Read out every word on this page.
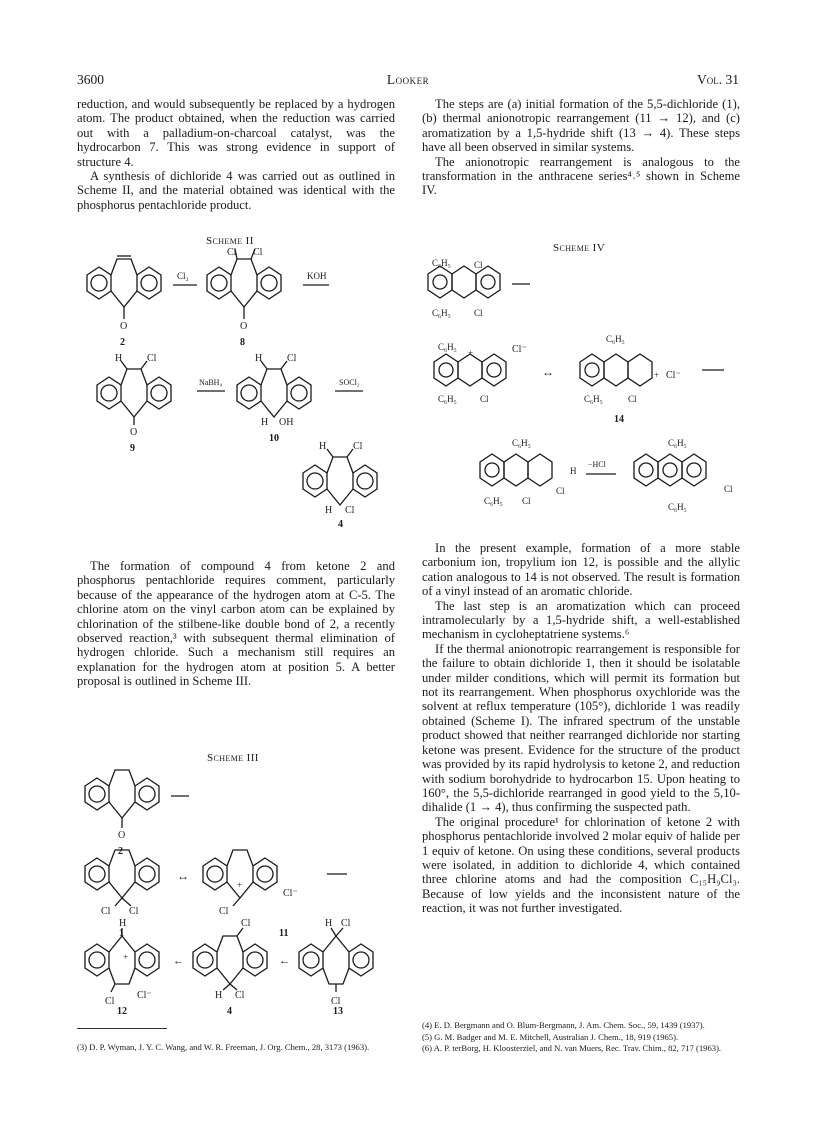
3600	Looker	Vol. 31

reduction, and would subsequently be replaced by a hydrogen atom. The product obtained, when the reduction was carried out with a palladium-on-charcoal catalyst, was the hydrocarbon 7. This was strong evidence in support of structure 4.

A synthesis of dichloride 4 was carried out as outlined in Scheme II, and the material obtained was identical with the phosphorus pentachloride product.

The steps are (a) initial formation of the 5,5-dichloride (1), (b) thermal anionotropic rearrangement (11 → 12), and (c) aromatization by a 1,5-hydride shift (13 → 4). These steps have all been observed in similar systems.

The anionotropic rearrangement is analogous to the transformation in the anthracene series⁴˒⁵ shown in Scheme IV.

Scheme II
O
2
Cl₂
Cl Cl
O
8
KOH
H Cl
O
9
NaBH₄
H Cl
H OH
10
SOCl₂
H	Cl
H Cl
4

The formation of compound 4 from ketone 2 and phosphorus pentachloride requires comment, particularly because of the appearance of the hydrogen atom at C-5. The chlorine atom on the vinyl carbon atom can be explained by chlorination of the stilbene-like double bond of 2, a recently observed reaction,³ with subsequent thermal elimination of hydrogen chloride. Such a mechanism still requires an explanation for the hydrogen atom at position 5. A better proposal is outlined in Scheme III.

Scheme III
O
2
Cl Cl
1
↔
+
Cl
Cl⁻
11
H
+
Cl
Cl⁻
12
←
Cl
H Cl
4
←
H Cl
Cl
13
Scheme IV
C₆H₅	Cl
C₆H₅	Cl
C₆H₅
+	Cl⁻
C₆H₅	Cl
↔
C₆H₅
+ Cl⁻
C₆H₅	Cl
14
C₆H₅
H
Cl
C₆H₅ Cl
−HCl
C₆H₅
Cl
C₆H₅

In the present example, formation of a more stable carbonium ion, tropylium ion 12, is possible and the allylic cation analogous to 14 is not observed. The result is formation of a vinyl instead of an aromatic chloride.

The last step is an aromatization which can proceed intramolecularly by a 1,5-hydride shift, a well-established mechanism in cycloheptatriene systems.⁶

If the thermal anionotropic rearrangement is responsible for the failure to obtain dichloride 1, then it should be isolatable under milder conditions, which will permit its formation but not its rearrangement. When phosphorus oxychloride was the solvent at reflux temperature (105°), dichloride 1 was readily obtained (Scheme I). The infrared spectrum of the unstable product showed that neither rearranged dichloride nor starting ketone was present. Evidence for the structure of the product was provided by its rapid hydrolysis to ketone 2, and reduction with sodium borohydride to hydrocarbon 15. Upon heating to 160°, the 5,5-dichloride rearranged in good yield to the 5,10-dihalide (1 → 4), thus confirming the suspected path.

The original procedure¹ for chlorination of ketone 2 with phosphorus pentachloride involved 2 molar equiv of halide per 1 equiv of ketone. On using these conditions, several products were isolated, in addition to dichloride 4, which contained three chlorine atoms and had the composition C₁₅H₉Cl₃. Because of low yields and the inconsistent nature of the reaction, it was not further investigated.

(3) D. P. Wyman, J. Y. C. Wang, and W. R. Freeman, J. Org. Chem., 28, 3173 (1963).
(4) E. D. Bergmann and O. Blum-Bergmann, J. Am. Chem. Soc., 59, 1439 (1937).
(5) G. M. Badger and M. E. Mitchell, Australian J. Chem., 18, 919 (1965).
(6) A. P. terBorg, H. Kloosterziel, and N. van Muers, Rec. Trav. Chim., 82, 717 (1963).
